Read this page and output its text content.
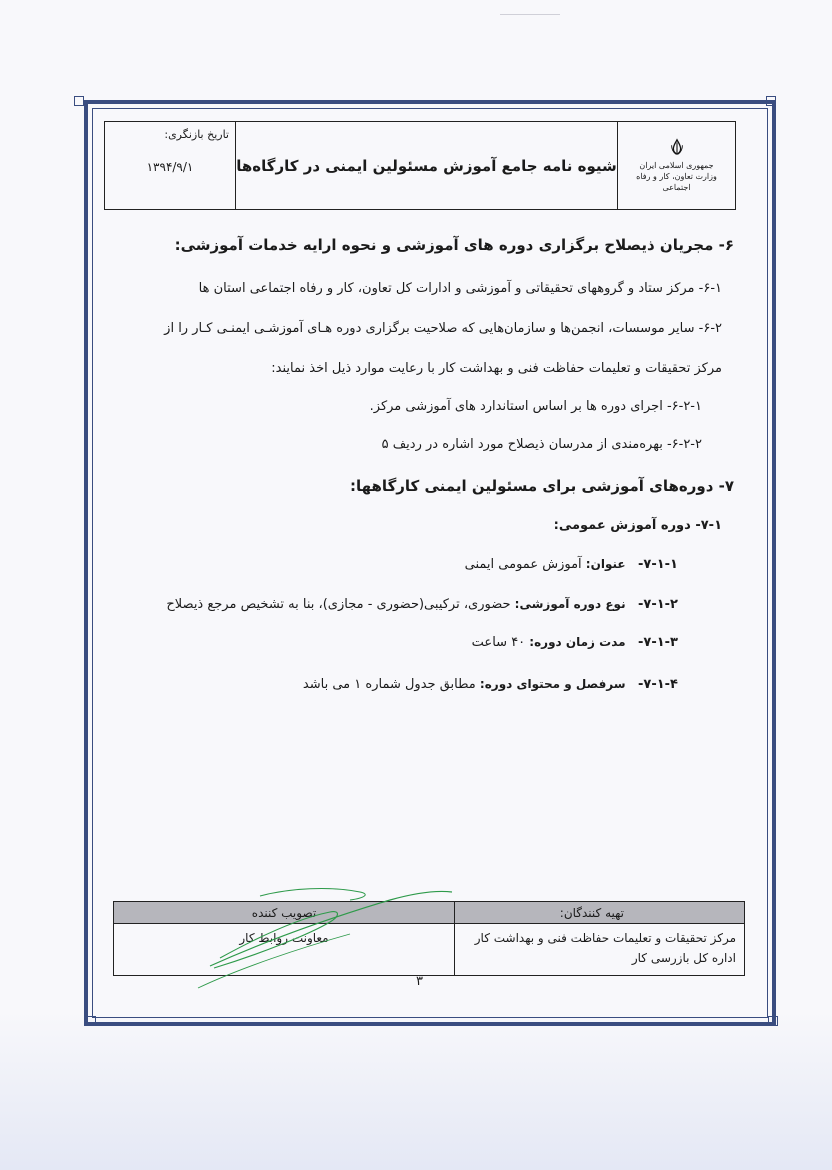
جمهوری اسلامی ایران
وزارت تعاون، کار و رفاه اجتماعی
شیوه نامه جامع آموزش مسئولین ایمنی در کارگاه‌ها
تاریخ بازنگری:
۱۳۹۴/۹/۱
۶- مجریان ذیصلاح برگزاری دوره های آموزشی و نحوه ارایه خدمات آموزشی:
۶-۱- مرکز ستاد و گروههای تحقیقاتی و آموزشی و ادارات کل تعاون، کار و رفاه اجتماعی استان ها
۶-۲- سایر موسسات، انجمن‌ها و سازمان‌هایی که صلاحیت برگزاری دوره هـای آموزشـی ایمنـی کـار را از
مرکز تحقیقات و تعلیمات حفاظت فنی و بهداشت کار با رعایت موارد ذیل اخذ نمایند:
۶-۲-۱- اجرای دوره ها بر اساس استاندارد های آموزشی مرکز.
۶-۲-۲- بهره‌مندی از مدرسان ذیصلاح مورد اشاره در ردیف ۵
۷- دوره‌های آموزشی برای مسئولین ایمنی کارگاهها:
۷-۱- دوره آموزش عمومی:
۷-۱-۱-   عنوان: آموزش عمومی ایمنی
۷-۱-۲-   نوع دوره آموزشی: حضوری، ترکیبی(حضوری - مجازی)، بنا به تشخیص مرجع ذیصلاح
۷-۱-۳-   مدت زمان دوره: ۴۰ ساعت
۷-۱-۴-   سرفصل و محتوای دوره: مطابق جدول شماره ۱ می باشد
تهیه کنندگان:
مرکز تحقیقات و تعلیمات حفاظت فنی و بهداشت کار
اداره کل بازرسی کار
تصویب کننده
معاونت روابط کار
۳
